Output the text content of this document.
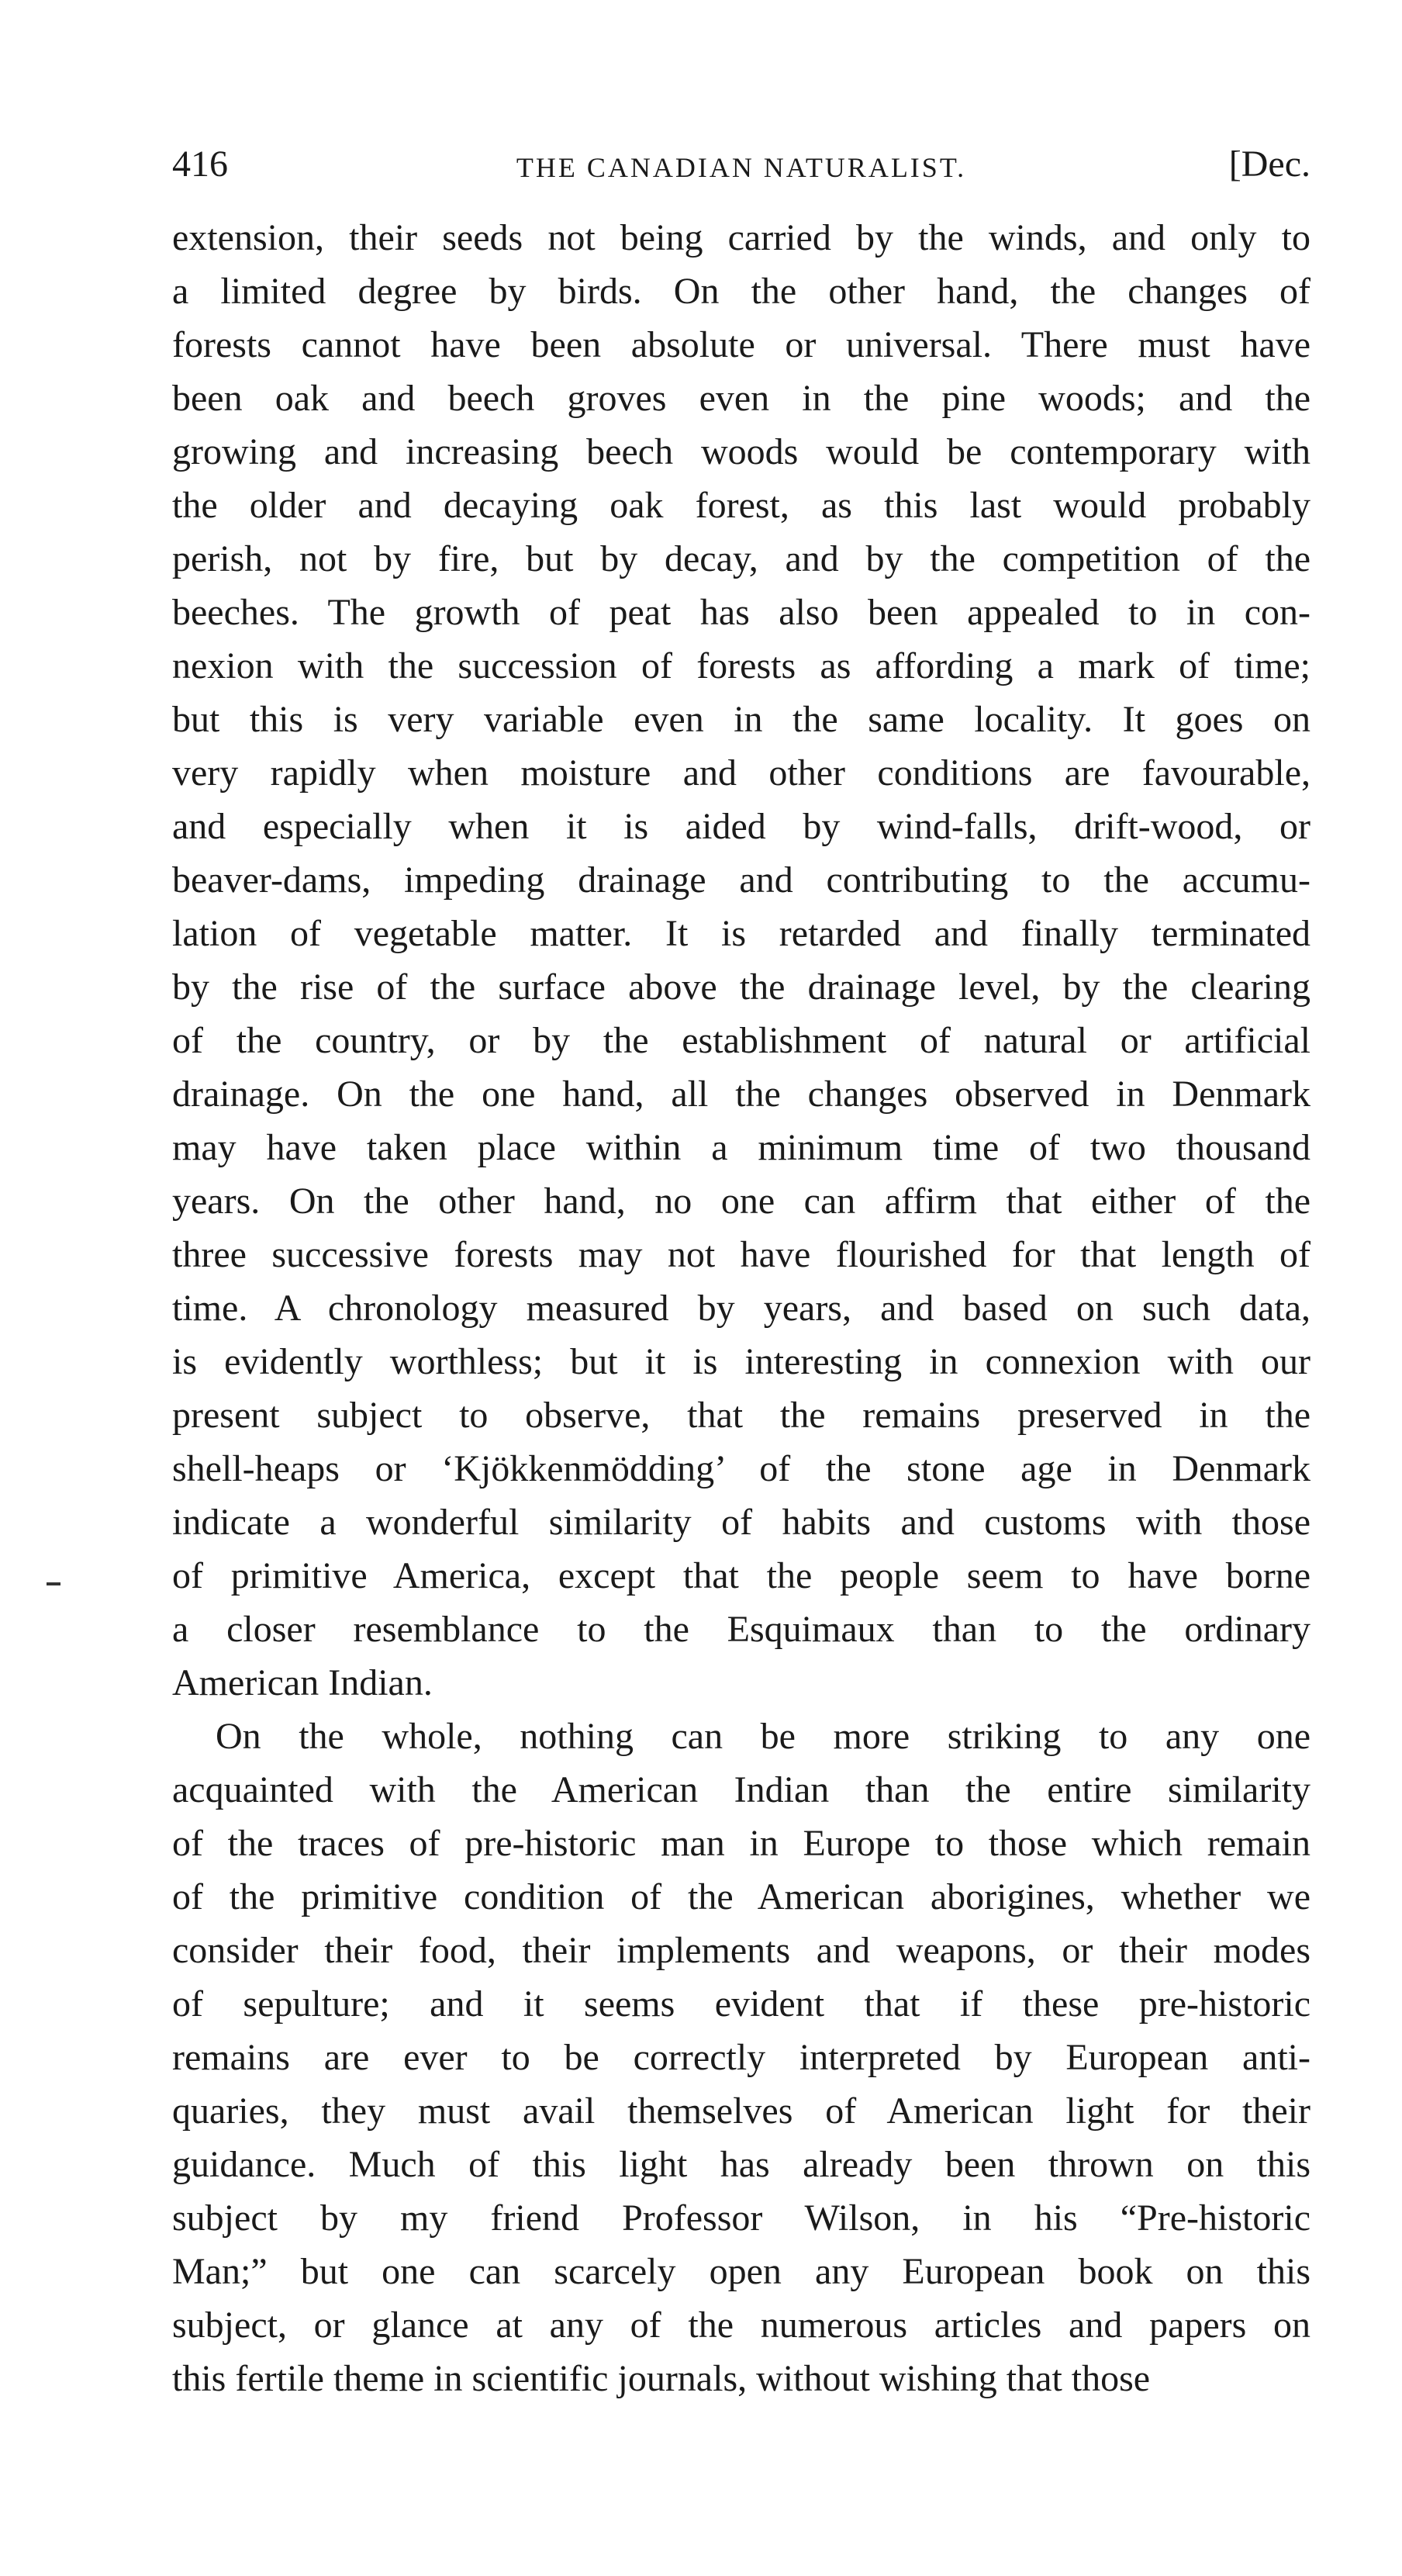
416	THE CANADIAN NATURALIST.	[Dec.
extension, their seeds not being carried by the winds, and only to
a limited degree by birds. On the other hand, the changes of
forests cannot have been absolute or universal. There must have
been oak and beech groves even in the pine woods; and the
growing and increasing beech woods would be contemporary with
the older and decaying oak forest, as this last would probably
perish, not by fire, but by decay, and by the competition of the
beeches. The growth of peat has also been appealed to in con-
nexion with the succession of forests as affording a mark of time;
but this is very variable even in the same locality. It goes on
very rapidly when moisture and other conditions are favourable,
and especially when it is aided by wind-falls, drift-wood, or
beaver-dams, impeding drainage and contributing to the accumu-
lation of vegetable matter. It is retarded and finally terminated
by the rise of the surface above the drainage level, by the clearing
of the country, or by the establishment of natural or artificial
drainage. On the one hand, all the changes observed in Denmark
may have taken place within a minimum time of two thousand
years. On the other hand, no one can affirm that either of the
three successive forests may not have flourished for that length of
time. A chronology measured by years, and based on such data,
is evidently worthless; but it is interesting in connexion with our
present subject to observe, that the remains preserved in the
shell-heaps or ‘Kjökkenmödding’ of the stone age in Denmark
indicate a wonderful similarity of habits and customs with those
of primitive America, except that the people seem to have borne
a closer resemblance to the Esquimaux than to the ordinary
American Indian.
On the whole, nothing can be more striking to any one
acquainted with the American Indian than the entire similarity
of the traces of pre-historic man in Europe to those which remain
of the primitive condition of the American aborigines, whether we
consider their food, their implements and weapons, or their modes
of sepulture; and it seems evident that if these pre-historic
remains are ever to be correctly interpreted by European anti-
quaries, they must avail themselves of American light for their
guidance. Much of this light has already been thrown on this
subject by my friend Professor Wilson, in his “Pre-historic
Man;” but one can scarcely open any European book on this
subject, or glance at any of the numerous articles and papers on
this fertile theme in scientific journals, without wishing that those
